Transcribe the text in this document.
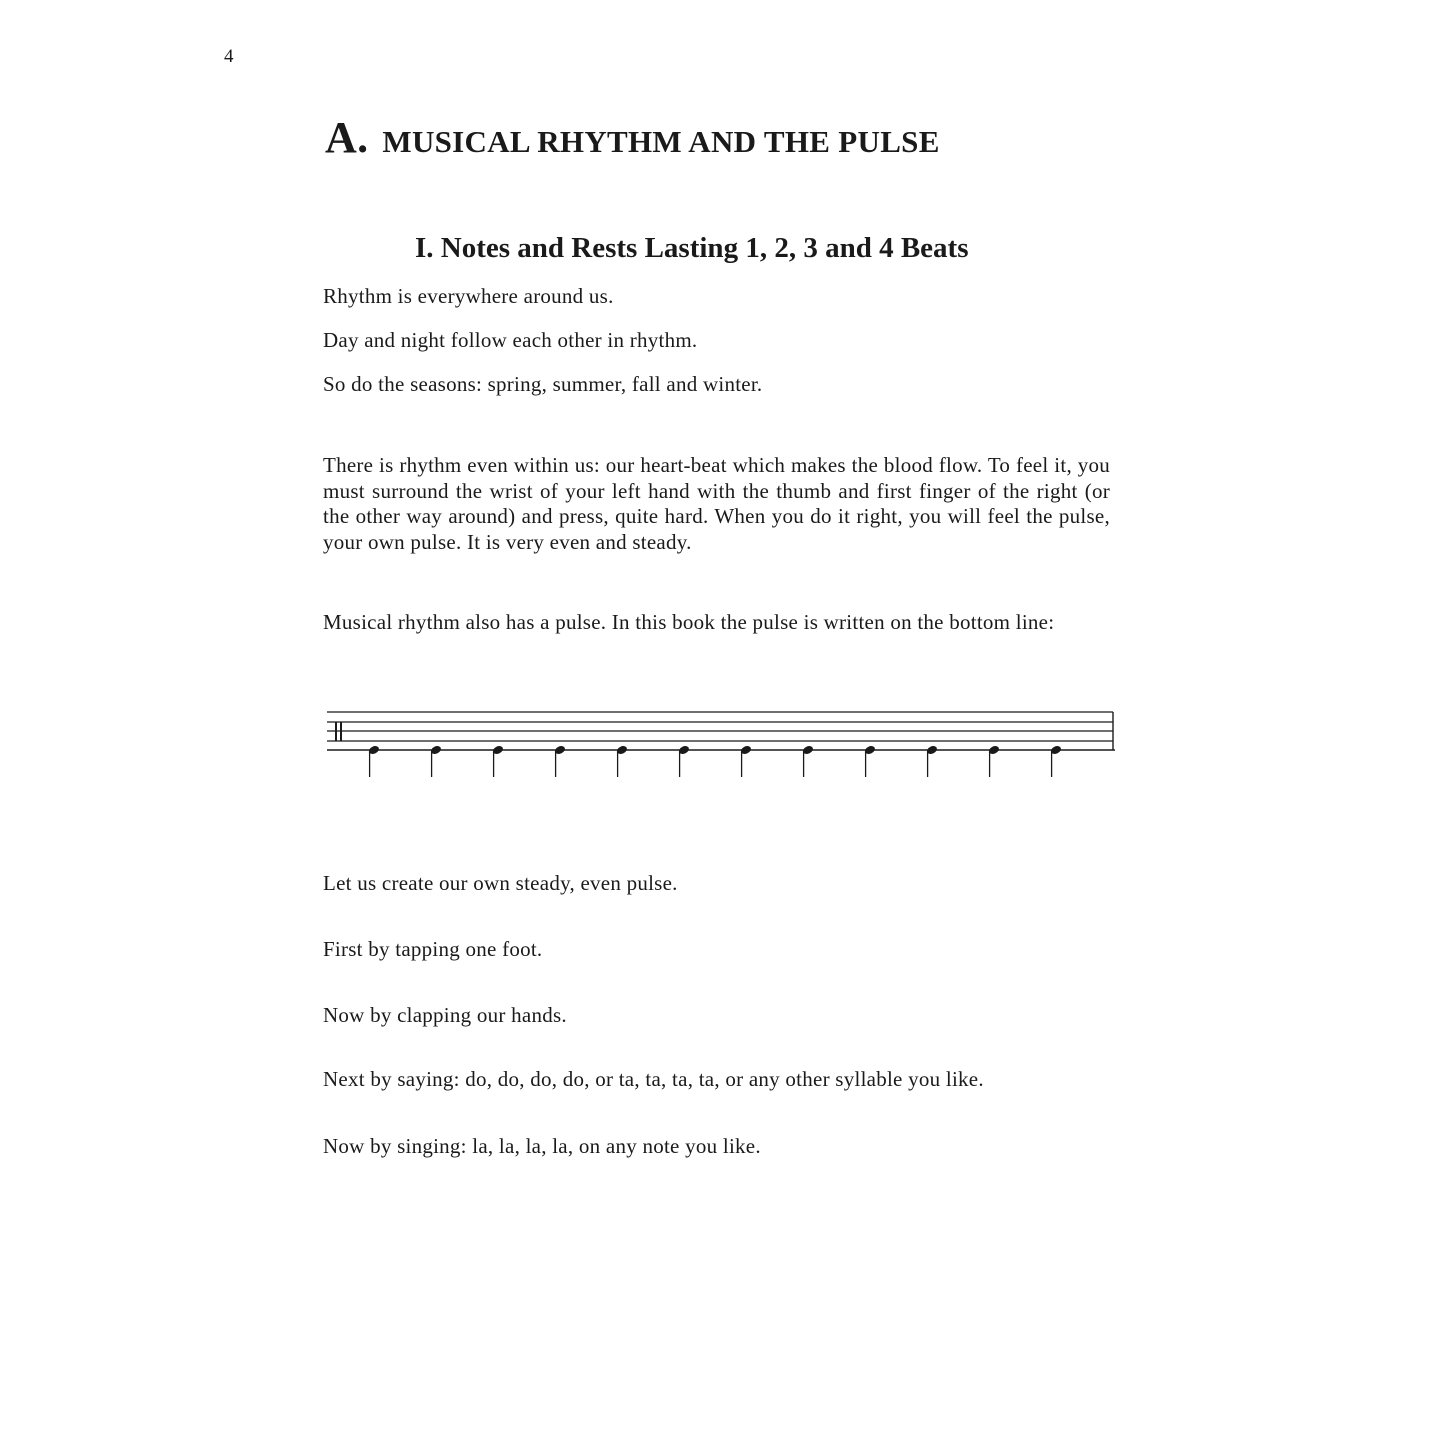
4
A. MUSICAL RHYTHM AND THE PULSE
I. Notes and Rests Lasting 1, 2, 3 and 4 Beats

Rhythm is everywhere around us.

Day and night follow each other in rhythm.

So do the seasons: spring, summer, fall and winter.

There is rhythm even within us: our heart-beat which makes the blood flow. To feel it, you must surround the wrist of your left hand with the thumb and first finger of the right (or the other way around) and press, quite hard. When you do it right, you will feel the pulse, your own pulse. It is very even and steady.

Musical rhythm also has a pulse. In this book the pulse is written on the bottom line:

Let us create our own steady, even pulse.

First by tapping one foot.

Now by clapping our hands.

Next by saying: do, do, do, do, or ta, ta, ta, ta, or any other syllable you like.

Now by singing: la, la, la, la, on any note you like.
